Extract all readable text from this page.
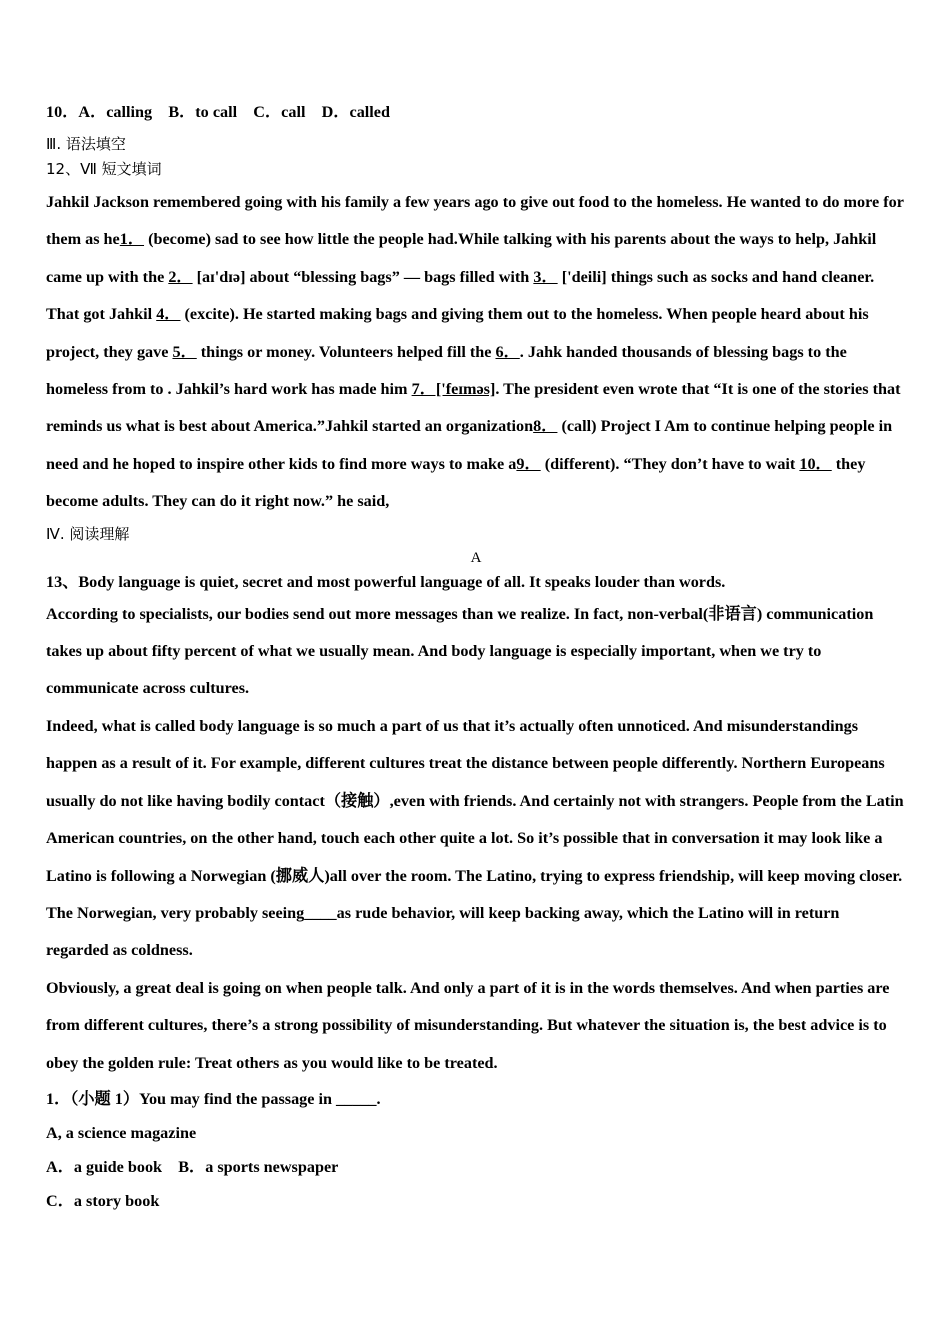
10．A．calling B．to call C．call D．called
Ⅲ. 语法填空
12、Ⅶ 短文填词
Jahkil Jackson remembered going with his family a few years ago to give out food to the homeless. He wanted to do more for them as he1． (become) sad to see how little the people had.While talking with his parents about the ways to help, Jahkil came up with the 2． [aɪ'dɪə] about “blessing bags” — bags filled with 3． ['deili] things such as socks and hand cleaner. That got Jahkil 4． (excite). He started making bags and giving them out to the homeless. When people heard about his project, they gave 5． things or money. Volunteers helped fill the 6．. Jahk handed thousands of blessing bags to the homeless from to . Jahkil’s hard work has made him 7．['feɪməs]. The president even wrote that “It is one of the stories that reminds us what is best about America.”Jahkil started an organization8． (call) Project I Am to continue helping people in need and he hoped to inspire other kids to find more ways to make a9． (different). “They don’t have to wait 10． they become adults. They can do it right now.” he said,
Ⅳ. 阅读理解
A
13、Body language is quiet, secret and most powerful language of all. It speaks louder than words.
According to specialists, our bodies send out more messages than we realize. In fact, non-verbal(非语言) communication takes up about fifty percent of what we usually mean. And body language is especially important, when we try to communicate across cultures.
Indeed, what is called body language is so much a part of us that it’s actually often unnoticed. And misunderstandings happen as a result of it. For example, different cultures treat the distance between people differently. Northern Europeans usually do not like having bodily contact（接触）,even with friends. And certainly not with strangers. People from the Latin American countries, on the other hand, touch each other quite a lot. So it’s possible that in conversation it may look like a Latino is following a Norwegian (挪威人)all over the room. The Latino, trying to express friendship, will keep moving closer. The Norwegian, very probably seeing____as rude behavior, will keep backing away, which the Latino will in return regarded as coldness.
Obviously, a great deal is going on when people talk. And only a part of it is in the words themselves. And when parties are from different cultures, there’s a strong possibility of misunderstanding. But whatever the situation is, the best advice is to obey the golden rule: Treat others as you would like to be treated.
1．（小题 1）You may find the passage in _____.
A, a science magazine
A．a guide book    B．a sports newspaper
C．a story book
